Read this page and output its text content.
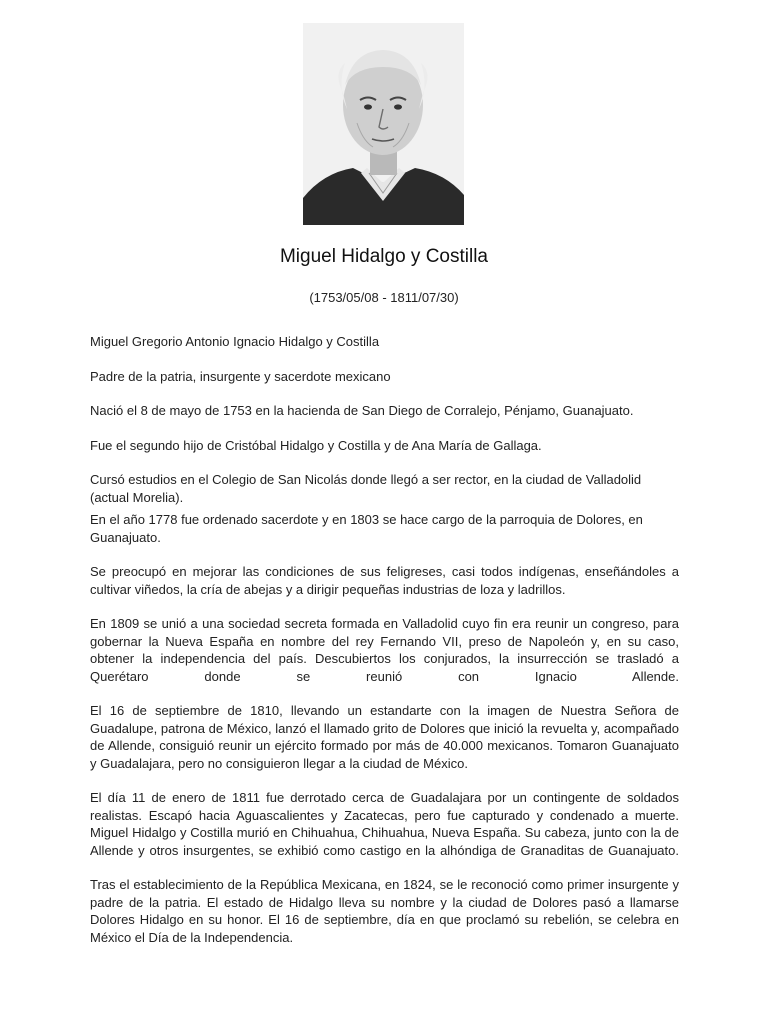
Miguel Hidalgo y Costilla
(1753/05/08 - 1811/07/30)

Miguel Gregorio Antonio Ignacio Hidalgo y Costilla

Padre de la patria, insurgente y sacerdote mexicano

Nació el 8 de mayo de 1753 en la hacienda de San Diego de Corralejo, Pénjamo, Guanajuato.

Fue el segundo hijo de Cristóbal Hidalgo y Costilla y de Ana María de Gallaga.

Cursó estudios en el Colegio de San Nicolás donde llegó a ser rector, en la ciudad de Valladolid (actual Morelia).

En el año 1778 fue ordenado sacerdote y en 1803 se hace cargo de la parroquia de Dolores, en Guanajuato.

Se preocupó en mejorar las condiciones de sus feligreses, casi todos indígenas, enseñándoles a cultivar viñedos, la cría de abejas y a dirigir pequeñas industrias de loza y ladrillos.

En 1809 se unió a una sociedad secreta formada en Valladolid cuyo fin era reunir un congreso, para gobernar la Nueva España en nombre del rey Fernando VII, preso de Napoleón y, en su caso, obtener la independencia del país. Descubiertos los conjurados, la insurrección se trasladó a Querétaro donde se reunió con Ignacio Allende.

El 16 de septiembre de 1810, llevando un estandarte con la imagen de Nuestra Señora de Guadalupe, patrona de México, lanzó el llamado grito de Dolores que inició la revuelta y, acompañado de Allende, consiguió reunir un ejército formado por más de 40.000 mexicanos. Tomaron Guanajuato y Guadalajara, pero no consiguieron llegar a la ciudad de México.

El día 11 de enero de 1811 fue derrotado cerca de Guadalajara por un contingente de soldados realistas. Escapó hacia Aguascalientes y Zacatecas, pero fue capturado y condenado a muerte. Miguel Hidalgo y Costilla murió en Chihuahua, Chihuahua, Nueva España. Su cabeza, junto con la de Allende y otros insurgentes, se exhibió como castigo en la alhóndiga de Granaditas de Guanajuato.

Tras el establecimiento de la República Mexicana, en 1824, se le reconoció como primer insurgente y padre de la patria. El estado de Hidalgo lleva su nombre y la ciudad de Dolores pasó a llamarse Dolores Hidalgo en su honor. El 16 de septiembre, día en que proclamó su rebelión, se celebra en México el Día de la Independencia.
